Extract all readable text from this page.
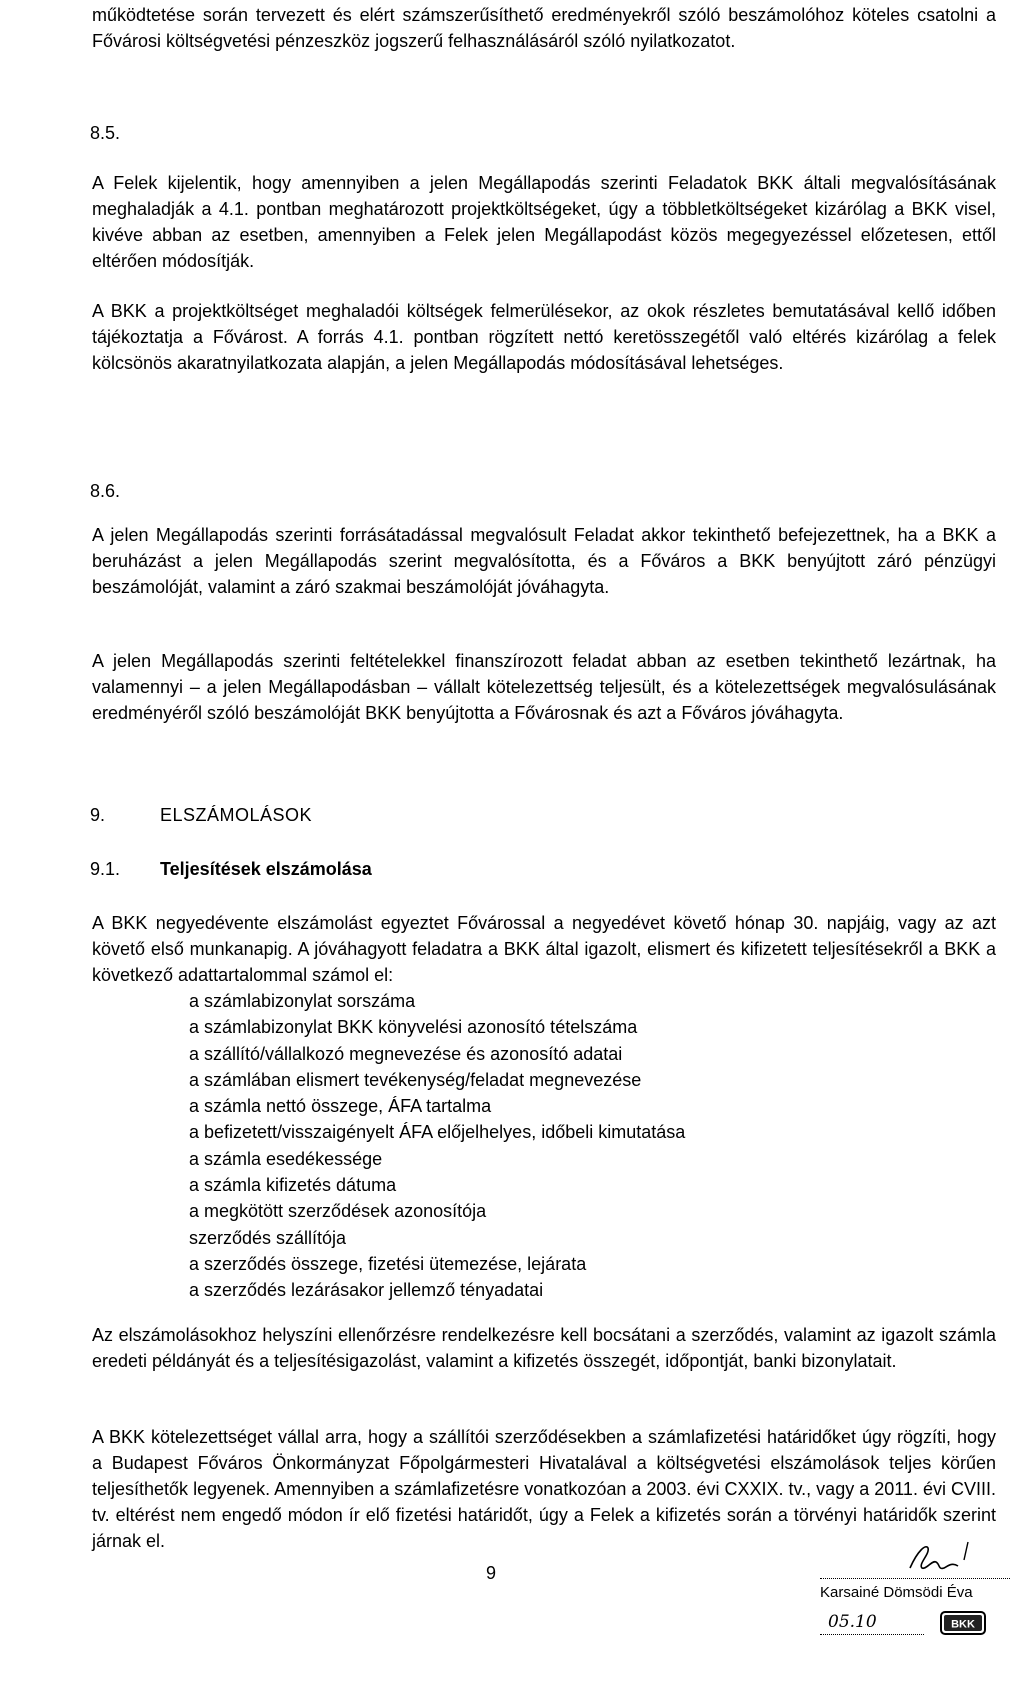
működtetése során tervezett és elért számszerűsíthető eredményekről szóló beszámolóhoz köteles csatolni a Fővárosi költségvetési pénzeszköz jogszerű felhasználásáról szóló nyilatkozatot.

8.5.

A Felek kijelentik, hogy amennyiben a jelen Megállapodás szerinti Feladatok BKK általi megvalósításának meghaladják a 4.1. pontban meghatározott projektköltségeket, úgy a többletköltségeket kizárólag a BKK visel, kivéve abban az esetben, amennyiben a Felek jelen Megállapodást közös megegyezéssel előzetesen, ettől eltérően módosítják.

A BKK a projektköltséget meghaladói költségek felmerülésekor, az okok részletes bemutatásával kellő időben tájékoztatja a Fővárost. A forrás 4.1. pontban rögzített nettó keretösszegétől való eltérés kizárólag a felek kölcsönös akaratnyilatkozata alapján, a jelen Megállapodás módosításával lehetséges.

8.6.

A jelen Megállapodás szerinti forrásátadással megvalósult Feladat akkor tekinthető befejezettnek, ha a BKK a beruházást a jelen Megállapodás szerint megvalósította, és a Főváros a BKK benyújtott záró pénzügyi beszámolóját, valamint a záró szakmai beszámolóját jóváhagyta.

A jelen Megállapodás szerinti feltételekkel finanszírozott feladat abban az esetben tekinthető lezártnak, ha valamennyi – a jelen Megállapodásban – vállalt kötelezettség teljesült, és a kötelezettségek megvalósulásának eredményéről szóló beszámolóját BKK benyújtotta a Fővárosnak és azt a Főváros jóváhagyta.

9.	ELSZÁMOLÁSOK
9.1. Teljesítések elszámolása

A BKK negyedévente elszámolást egyeztet Fővárossal a negyedévet követő hónap 30. napjáig, vagy az azt követő első munkanapig. A jóváhagyott feladatra a BKK által igazolt, elismert és kifizetett teljesítésekről a BKK a következő adattartalommal számol el:

a számlabizonylat sorszáma
a számlabizonylat BKK könyvelési azonosító tételszáma
a szállító/vállalkozó megnevezése és azonosító adatai
a számlában elismert tevékenység/feladat megnevezése
a számla nettó összege, ÁFA tartalma
a befizetett/visszaigényelt ÁFA előjelhelyes, időbeli kimutatása
a számla esedékessége
a számla kifizetés dátuma
a megkötött szerződések azonosítója
szerződés szállítója
a szerződés összege, fizetési ütemezése, lejárata
a szerződés lezárásakor jellemző tényadatai

Az elszámolásokhoz helyszíni ellenőrzésre rendelkezésre kell bocsátani a szerződés, valamint az igazolt számla eredeti példányát és a teljesítésigazolást, valamint a kifizetés összegét, időpontját, banki bizonylatait.

A BKK kötelezettséget vállal arra, hogy a szállítói szerződésekben a számlafizetési határidőket úgy rögzíti, hogy a Budapest Főváros Önkormányzat Főpolgármesteri Hivatalával a költségvetési elszámolások teljes körűen teljesíthetők legyenek. Amennyiben a számlafizetésre vonatkozóan a 2003. évi CXXIX. tv., vagy a 2011. évi CVIII. tv. eltérést nem engedő módon ír elő fizetési határidőt, úgy a Felek a kifizetés során a törvényi határidők szerint járnak el.

9
Karsainé Dömsödi Éva
05.10	BKK
